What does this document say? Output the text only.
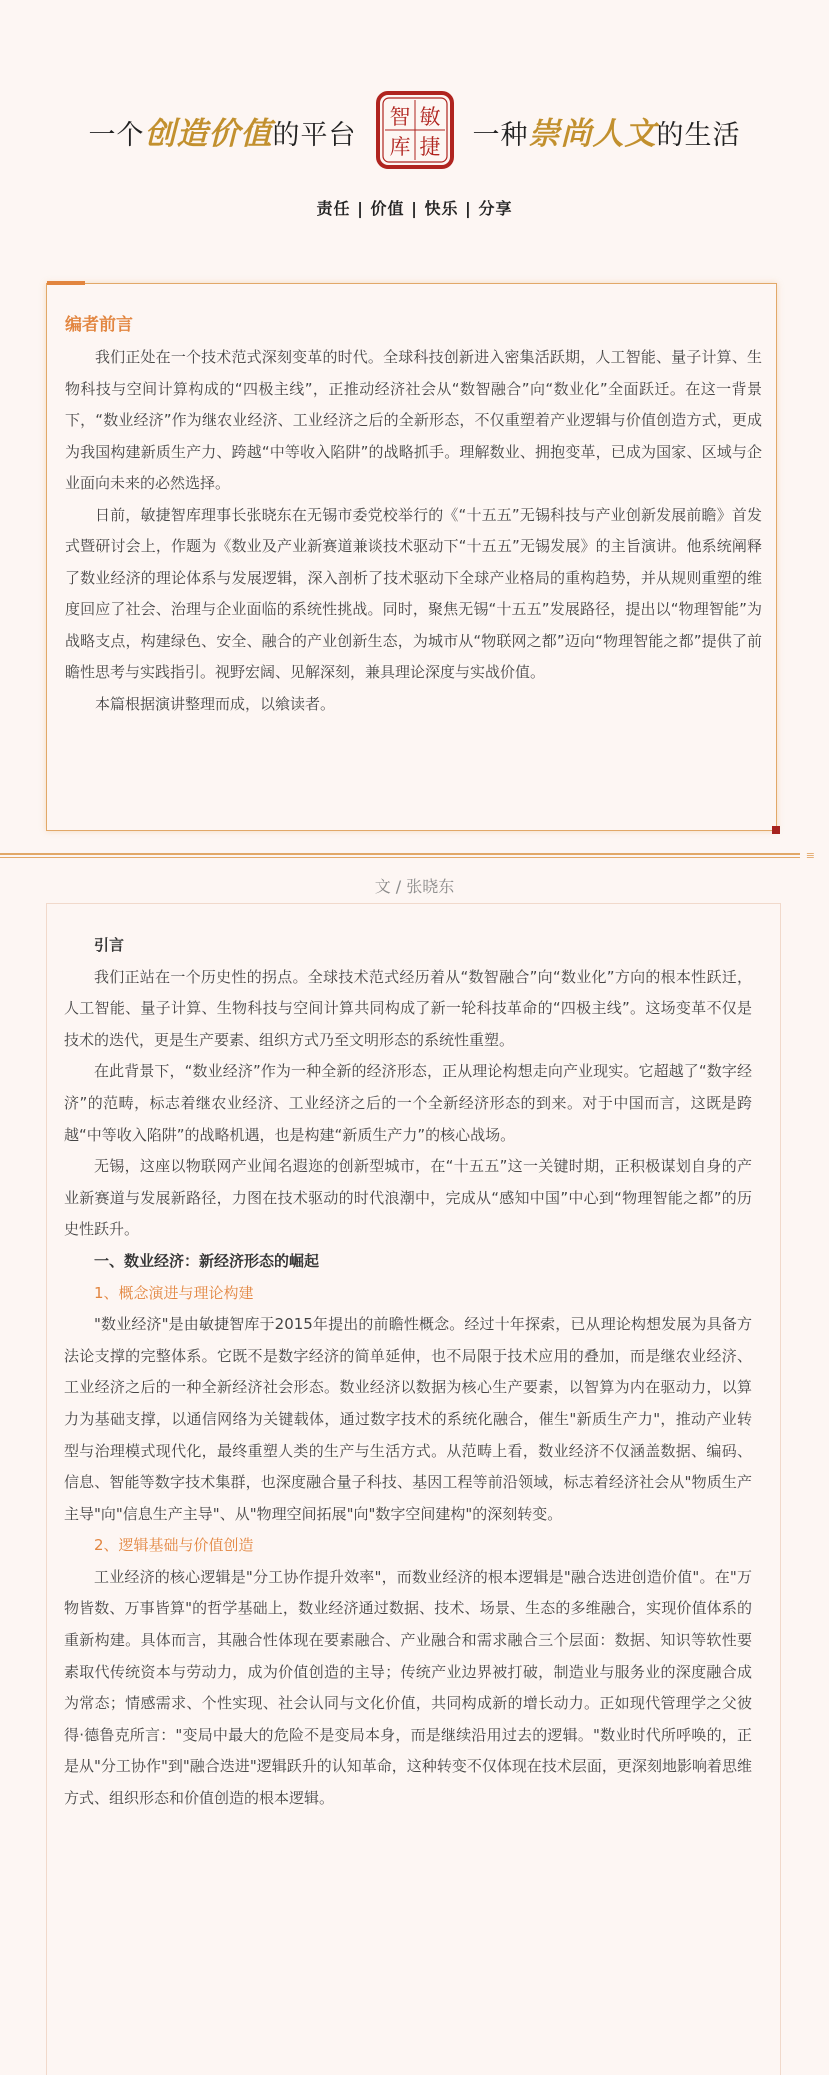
一个创造价值的平台
敏
捷
智
库 一种崇尚人文的生活
责任 | 价值 | 快乐 | 分享
编者前言

我们正处在一个技术范式深刻变革的时代。全球科技创新进入密集活跃期，人工智能、量子计算、生物科技与空间计算构成的“四极主线”，正推动经济社会从“数智融合”向“数业化”全面跃迁。在这一背景下，“数业经济”作为继农业经济、工业经济之后的全新形态，不仅重塑着产业逻辑与价值创造方式，更成为我国构建新质生产力、跨越“中等收入陷阱”的战略抓手。理解数业、拥抱变革，已成为国家、区域与企业面向未来的必然选择。

日前，敏捷智库理事长张晓东在无锡市委党校举行的《“十五五”无锡科技与产业创新发展前瞻》首发式暨研讨会上，作题为《数业及产业新赛道兼谈技术驱动下“十五五”无锡发展》的主旨演讲。他系统阐释了数业经济的理论体系与发展逻辑，深入剖析了技术驱动下全球产业格局的重构趋势，并从规则重塑的维度回应了社会、治理与企业面临的系统性挑战。同时，聚焦无锡“十五五”发展路径，提出以“物理智能”为战略支点，构建绿色、安全、融合的产业创新生态，为城市从“物联网之都”迈向“物理智能之都”提供了前瞻性思考与实践指引。视野宏阔、见解深刻，兼具理论深度与实战价值。

本篇根据演讲整理而成，以飨读者。

≡
文 / 张晓东

引言

我们正站在一个历史性的拐点。全球技术范式经历着从“数智融合”向“数业化”方向的根本性跃迁，人工智能、量子计算、生物科技与空间计算共同构成了新一轮科技革命的“四极主线”。这场变革不仅是技术的迭代，更是生产要素、组织方式乃至文明形态的系统性重塑。

在此背景下，“数业经济”作为一种全新的经济形态，正从理论构想走向产业现实。它超越了“数字经济”的范畴，标志着继农业经济、工业经济之后的一个全新经济形态的到来。对于中国而言，这既是跨越“中等收入陷阱”的战略机遇，也是构建“新质生产力”的核心战场。

无锡，这座以物联网产业闻名遐迩的创新型城市，在“十五五”这一关键时期，正积极谋划自身的产业新赛道与发展新路径，力图在技术驱动的时代浪潮中，完成从“感知中国”中心到“物理智能之都”的历史性跃升。

一、数业经济：新经济形态的崛起

1、概念演进与理论构建

"数业经济"是由敏捷智库于2015年提出的前瞻性概念。经过十年探索，已从理论构想发展为具备方法论支撑的完整体系。它既不是数字经济的简单延伸，也不局限于技术应用的叠加，而是继农业经济、工业经济之后的一种全新经济社会形态。数业经济以数据为核心生产要素，以智算为内在驱动力，以算力为基础支撑，以通信网络为关键载体，通过数字技术的系统化融合，催生"新质生产力"，推动产业转型与治理模式现代化，最终重塑人类的生产与生活方式。从范畴上看，数业经济不仅涵盖数据、编码、信息、智能等数字技术集群，也深度融合量子科技、基因工程等前沿领域，标志着经济社会从"物质生产主导"向"信息生产主导"、从"物理空间拓展"向"数字空间建构"的深刻转变。

2、逻辑基础与价值创造

工业经济的核心逻辑是"分工协作提升效率"，而数业经济的根本逻辑是"融合迭进创造价值"。在"万物皆数、万事皆算"的哲学基础上，数业经济通过数据、技术、场景、生态的多维融合，实现价值体系的重新构建。具体而言，其融合性体现在要素融合、产业融合和需求融合三个层面：数据、知识等软性要素取代传统资本与劳动力，成为价值创造的主导；传统产业边界被打破，制造业与服务业的深度融合成为常态；情感需求、个性实现、社会认同与文化价值，共同构成新的增长动力。正如现代管理学之父彼得·德鲁克所言："变局中最大的危险不是变局本身，而是继续沿用过去的逻辑。"数业时代所呼唤的，正是从"分工协作"到"融合迭进"逻辑跃升的认知革命，这种转变不仅体现在技术层面，更深刻地影响着思维方式、组织形态和价值创造的根本逻辑。
